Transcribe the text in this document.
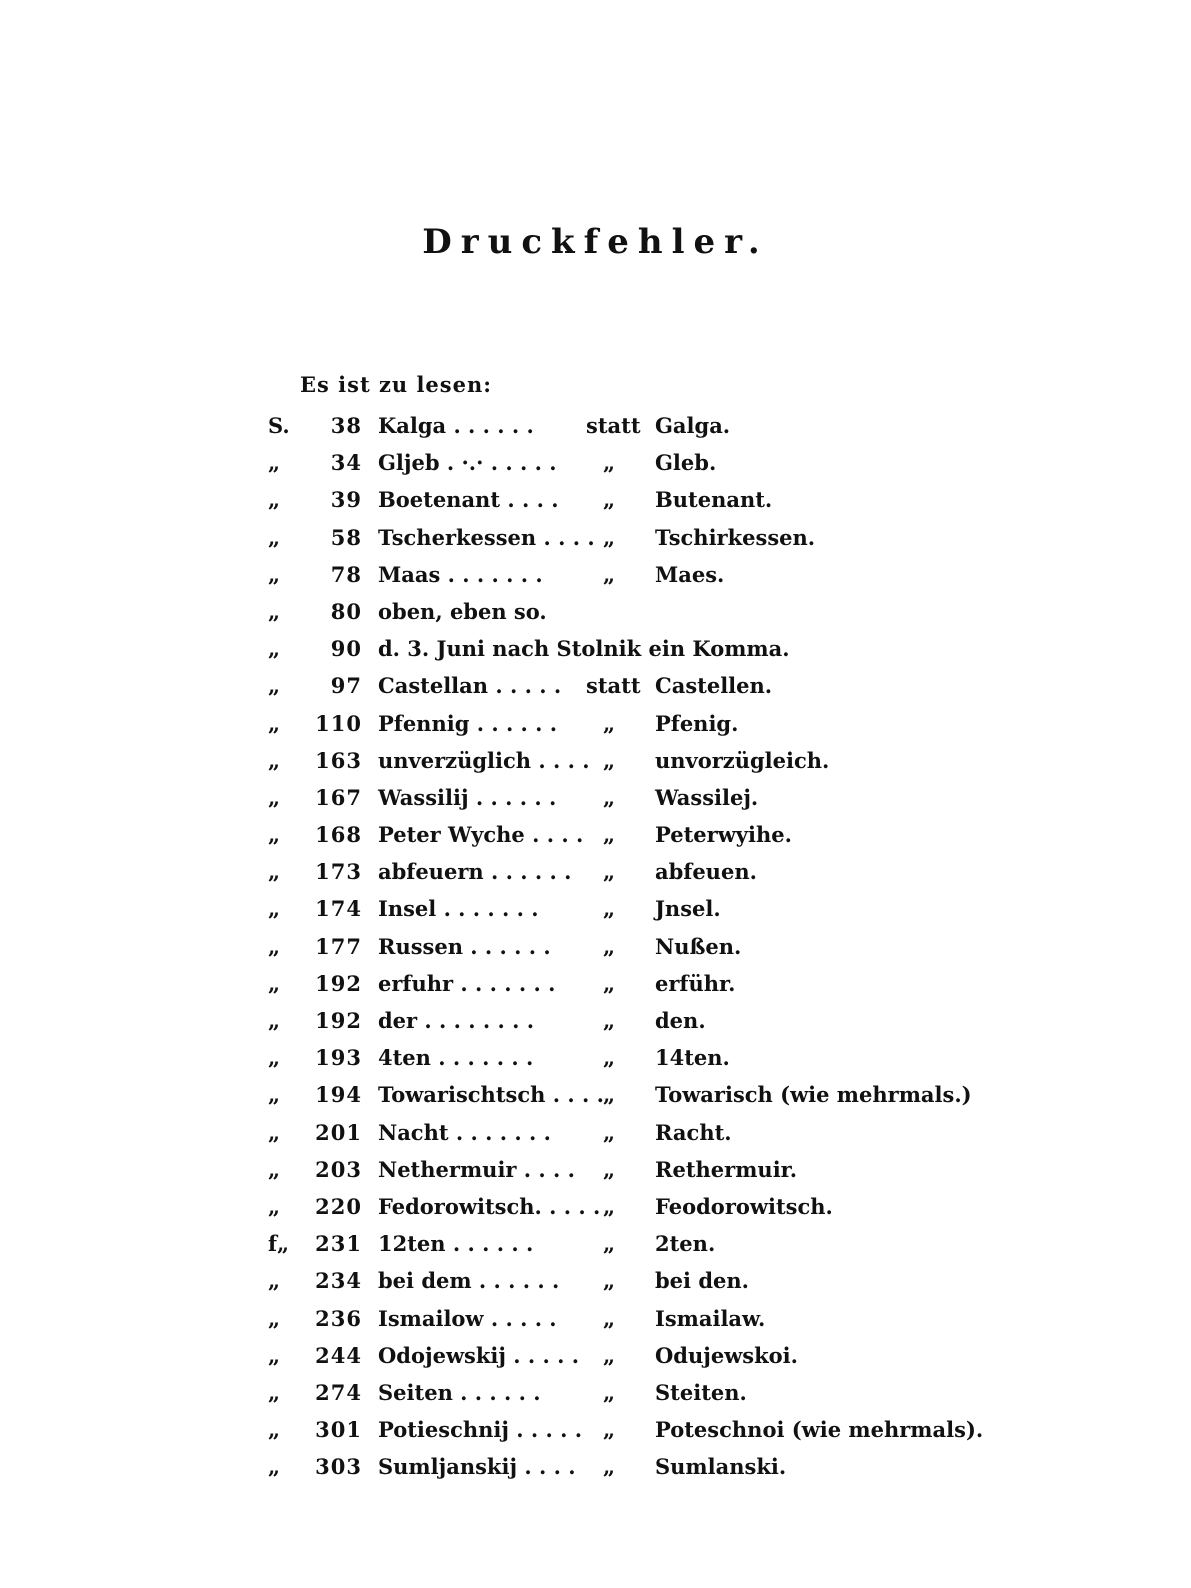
Druckfehler.
Es ist zu lesen:
S.	38 Kalga . . . . . . statt Galga.
„	34 Gljeb . ·.· . . . . .	„	Gleb.
„	39 Boetenant . . . .	„	Butenant.
„	58 Tscherkessen . . . . „	Tschirkessen.
„	78 Maas . . . . . . .	„	Maes.
„	80 oben, eben so.
„	90 d. 3. Juni nach Stolnik ein Komma.
„	97 Castellan . . . . . statt Castellen.
„	110 Pfennig . . . . . .	„	Pfenig.
„	163 unverzüglich . . . . „	unvorzügleich.
„	167 Wassilij . . . . . .	„	Wassilej.
„	168 Peter Wyche . . . . „	Peterwyihe.
„	173 abfeuern . . . . . .	„	abfeuen.
„	174 Insel . . . . . . .	„	Jnsel.
„	177 Russen . . . . . .	„	Nußen.
„	192 erfuhr . . . . . . .	„	erführ.
„	192 der . . . . . . . .	„	den.
„	193 4ten . . . . . . .	„	14ten.
„	194 Towarischtsch . . . . „	Towarisch (wie mehrmals.)
„	201 Nacht . . . . . . .	„	Racht.
„	203 Nethermuir . . . .	„	Rethermuir.
„	220 Fedorowitsch. . . . . „	Feodorowitsch.
f„	231 12ten . . . . . .	„	2ten.
„	234 bei dem . . . . . .	„	bei den.
„	236 Ismailow . . . . .	„	Ismailaw.
„	244 Odojewskij . . . . .	„	Odujewskoi.
„	274 Seiten . . . . . .	„	Steiten.
„	301 Potieschnij . . . . . „	Poteschnoi (wie mehrmals).
„	303 Sumljanskij . . . .	„	Sumlanski.
